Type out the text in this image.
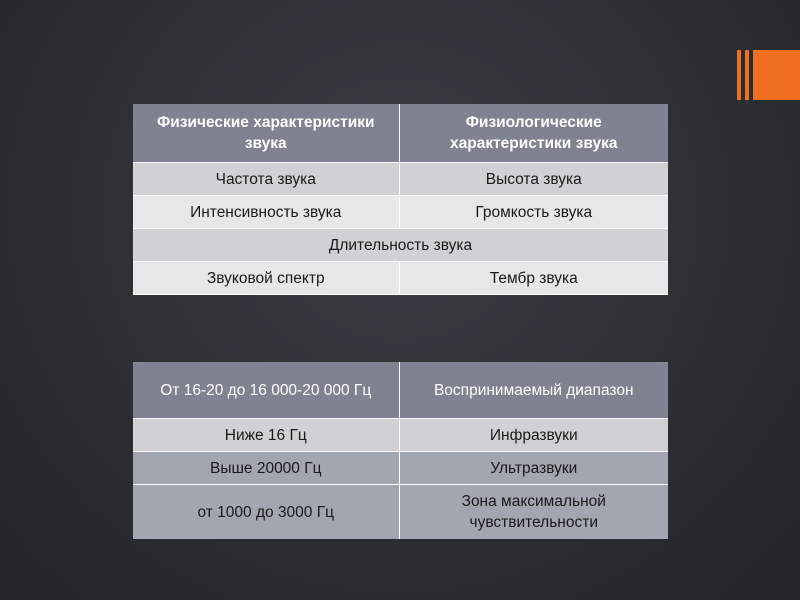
Физические характеристики звука	Физиологические характеристики звука
Частота звука	Высота звука
Интенсивность звука	Громкость звука
Длительность звука	
Звуковой спектр	Тембр звука
От 16-20 до 16 000-20 000 Гц	Воспринимаемый диапазон
Ниже 16 Гц	Инфразвуки
Выше 20000 Гц	Ультразвуки
от 1000 до 3000 Гц	Зона максимальной чувствительности
